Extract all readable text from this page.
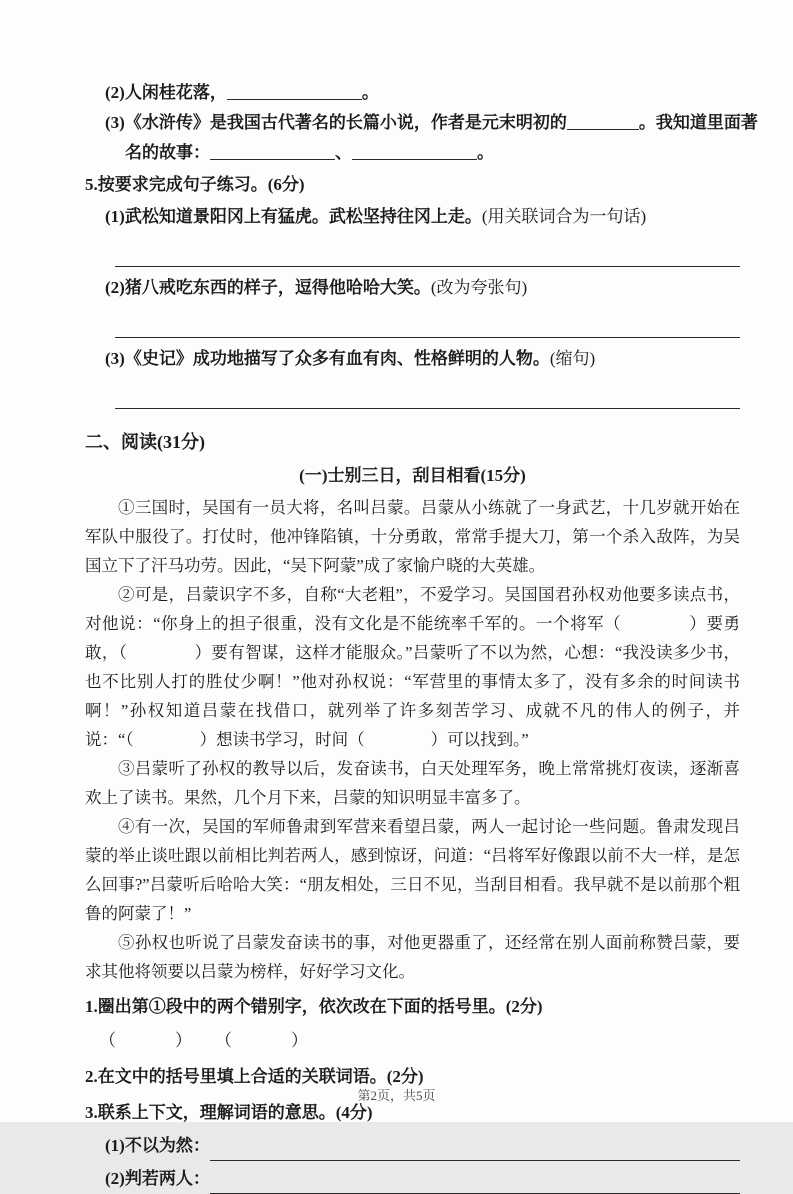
(2)人闲桂花落，	。
(3)《水浒传》是我国古代著名的长篇小说，作者是元末明初的	。我知道里面著
名的故事：	、	。
5.按要求完成句子练习。(6分)
(1)武松知道景阳冈上有猛虎。武松坚持往冈上走。(用关联词合为一句话)
(2)猪八戒吃东西的样子，逗得他哈哈大笑。(改为夸张句)
(3)《史记》成功地描写了众多有血有肉、性格鲜明的人物。(缩句)
二、阅读(31分)
(一)士别三日，刮目相看(15分)

①三国时，吴国有一员大将，名叫吕蒙。吕蒙从小练就了一身武艺，十几岁就开始在军队中服役了。打仗时，他冲锋陷镇，十分勇敢，常常手提大刀，第一个杀入敌阵，为吴国立下了汗马功劳。因此，“吴下阿蒙”成了家愉户晓的大英雄。

②可是，吕蒙识字不多，自称“大老粗”，不爱学习。吴国国君孙权劝他要多读点书，对他说：“你身上的担子很重，没有文化是不能统率千军的。一个将军（　　　　）要勇敢，（　　　　）要有智谋，这样才能服众。”吕蒙听了不以为然，心想：“我没读多少书，也不比别人打的胜仗少啊！”他对孙权说：“军营里的事情太多了，没有多余的时间读书啊！”孙权知道吕蒙在找借口，就列举了许多刻苦学习、成就不凡的伟人的例子，并说：“（　　　　）想读书学习，时间（　　　　）可以找到。”

③吕蒙听了孙权的教导以后，发奋读书，白天处理军务，晚上常常挑灯夜读，逐渐喜欢上了读书。果然，几个月下来，吕蒙的知识明显丰富多了。

④有一次，吴国的军师鲁肃到军营来看望吕蒙，两人一起讨论一些问题。鲁肃发现吕蒙的举止谈吐跟以前相比判若两人，感到惊讶，问道：“吕将军好像跟以前不大一样，是怎么回事?”吕蒙听后哈哈大笑：“朋友相处，三日不见，当刮目相看。我早就不是以前那个粗鲁的阿蒙了！”

⑤孙权也听说了吕蒙发奋读书的事，对他更器重了，还经常在别人面前称赞吕蒙，要求其他将领要以吕蒙为榜样，好好学习文化。

1.圈出第①段中的两个错别字，依次改在下面的括号里。(2分)
（　　　）　　（　　　）
2.在文中的括号里填上合适的关联词语。(2分)
3.联系上下文，理解词语的意思。(4分)
(1)不以为然：
(2)判若两人：
第2页，共5页
